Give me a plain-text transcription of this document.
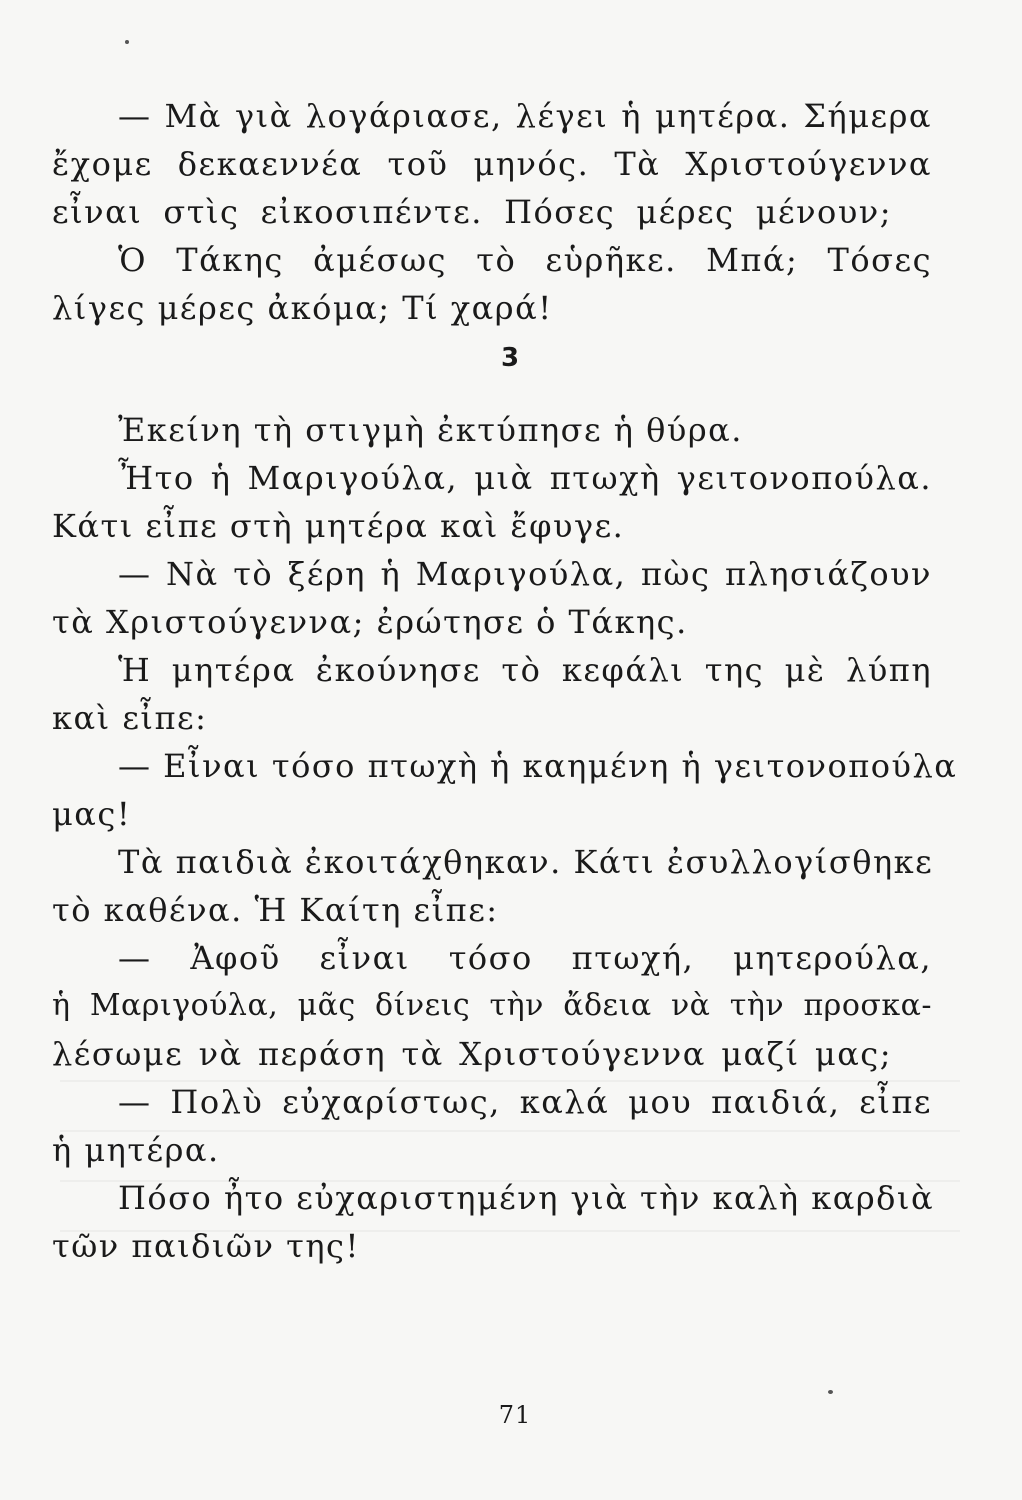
— Μὰ γιὰ λογάριασε, λέγει ἡ μητέρα. Σήμερα
ἔχομε δεκαεννέα τοῦ μηνός. Τὰ Χριστούγεννα
εἶναι στὶς εἰκοσιπέντε. Πόσες μέρες μένουν;
Ὁ Τάκης ἀμέσως τὸ εὑρῆκε. Μπά; Τόσες
λίγες μέρες ἀκόμα; Τί χαρά!
3
Ἐκείνη τὴ στιγμὴ ἐκτύπησε ἡ θύρα.
Ἦτο ἡ Μαριγούλα, μιὰ πτωχὴ γειτονοπούλα.
Κάτι εἶπε στὴ μητέρα καὶ ἔφυγε.
— Νὰ τὸ ξέρη ἡ Μαριγούλα, πὼς πλησιάζουν
τὰ Χριστούγεννα; ἐρώτησε ὁ Τάκης.
Ἡ μητέρα ἐκούνησε τὸ κεφάλι της μὲ λύπη
καὶ εἶπε:
— Εἶναι τόσο πτωχὴ ἡ καημένη ἡ γειτονοπούλα
μας!
Τὰ παιδιὰ ἐκοιτάχθηκαν. Κάτι ἐσυλλογίσθηκε
τὸ καθένα. Ἡ Καίτη εἶπε:
— Ἀφοῦ εἶναι τόσο πτωχή, μητερούλα,
ἡ Μαριγούλα, μᾶς δίνεις τὴν ἄδεια νὰ τὴν προσκα-
λέσωμε νὰ περάση τὰ Χριστούγεννα μαζί μας;
— Πολὺ εὐχαρίστως, καλά μου παιδιά, εἶπε
ἡ μητέρα.
Πόσο ἦτο εὐχαριστημένη γιὰ τὴν καλὴ καρδιὰ
τῶν παιδιῶν της!
71
